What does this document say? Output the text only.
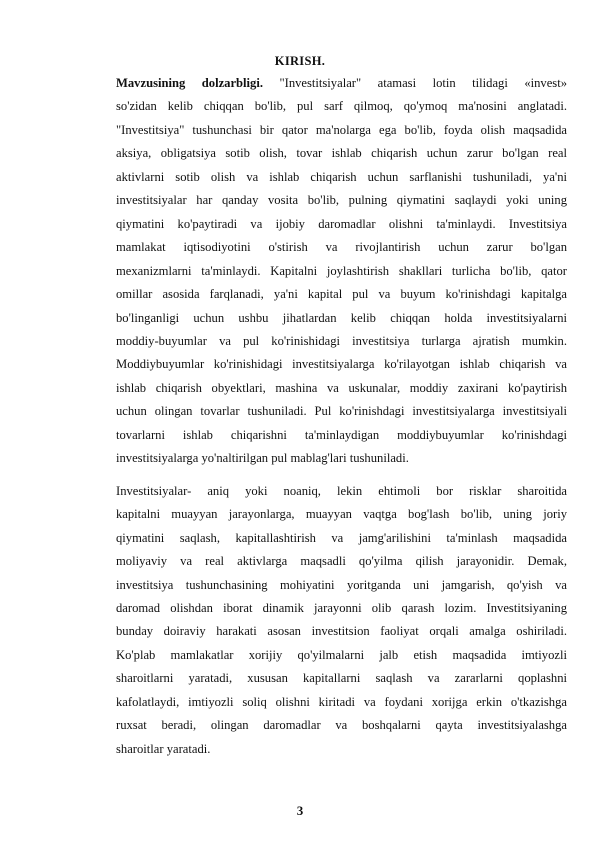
KIRISH.
Mavzusining dolzarbligi. "Investitsiyalar" atamasi lotin tilidagi «invest»
so'zidan kelib chiqqan bo'lib, pul sarf qilmoq, qo'ymoq ma'nosini anglatadi.
"Investitsiya" tushunchasi bir qator ma'nolarga ega bo'lib, foyda olish maqsadida
aksiya, obligatsiya sotib olish, tovar ishlab chiqarish uchun zarur bo'lgan real
aktivlarni sotib olish va ishlab chiqarish uchun sarflanishi tushuniladi, ya'ni
investitsiyalar har qanday vosita bo'lib, pulning qiymatini saqlaydi yoki uning
qiymatini ko'paytiradi va ijobiy daromadlar olishni ta'minlaydi. Investitsiya
mamlakat iqtisodiyotini o'stirish va rivojlantirish uchun zarur bo'lgan
mexanizmlarni ta'minlaydi. Kapitalni joylashtirish shakllari turlicha bo'lib, qator
omillar asosida farqlanadi, ya'ni kapital pul va buyum ko'rinishdagi kapitalga
bo'linganligi uchun ushbu jihatlardan kelib chiqqan holda investitsiyalarni
moddiy-buyumlar va pul ko'rinishidagi investitsiya turlarga ajratish mumkin.
Moddiybuyumlar ko'rinishidagi investitsiyalarga ko'rilayotgan ishlab chiqarish va
ishlab chiqarish obyektlari, mashina va uskunalar, moddiy zaxirani ko'paytirish
uchun olingan tovarlar tushuniladi. Pul ko'rinishdagi investitsiyalarga investitsiyali
tovarlarni ishlab chiqarishni ta'minlaydigan moddiybuyumlar ko'rinishdagi
investitsiyalarga yo'naltirilgan pul mablag'lari tushuniladi.
Investitsiyalar- aniq yoki noaniq, lekin ehtimoli bor risklar sharoitida
kapitalni muayyan jarayonlarga, muayyan vaqtga bog'lash bo'lib, uning joriy
qiymatini saqlash, kapitallashtirish va jamg'arilishini ta'minlash maqsadida
moliyaviy va real aktivlarga maqsadli qo'yilma qilish jarayonidir. Demak,
investitsiya tushunchasining mohiyatini yoritganda uni jamgarish, qo'yish va
daromad olishdan iborat dinamik jarayonni olib qarash lozim. Investitsiyaning
bunday doiraviy harakati asosan investitsion faoliyat orqali amalga oshiriladi.
Ko'plab mamlakatlar xorijiy qo'yilmalarni jalb etish maqsadida imtiyozli
sharoitlarni yaratadi, xususan kapitallarni saqlash va zararlarni qoplashni
kafolatlaydi, imtiyozli soliq olishni kiritadi va foydani xorijga erkin o'tkazishga
ruxsat beradi, olingan daromadlar va boshqalarni qayta investitsiyalashga
sharoitlar yaratadi.
3
